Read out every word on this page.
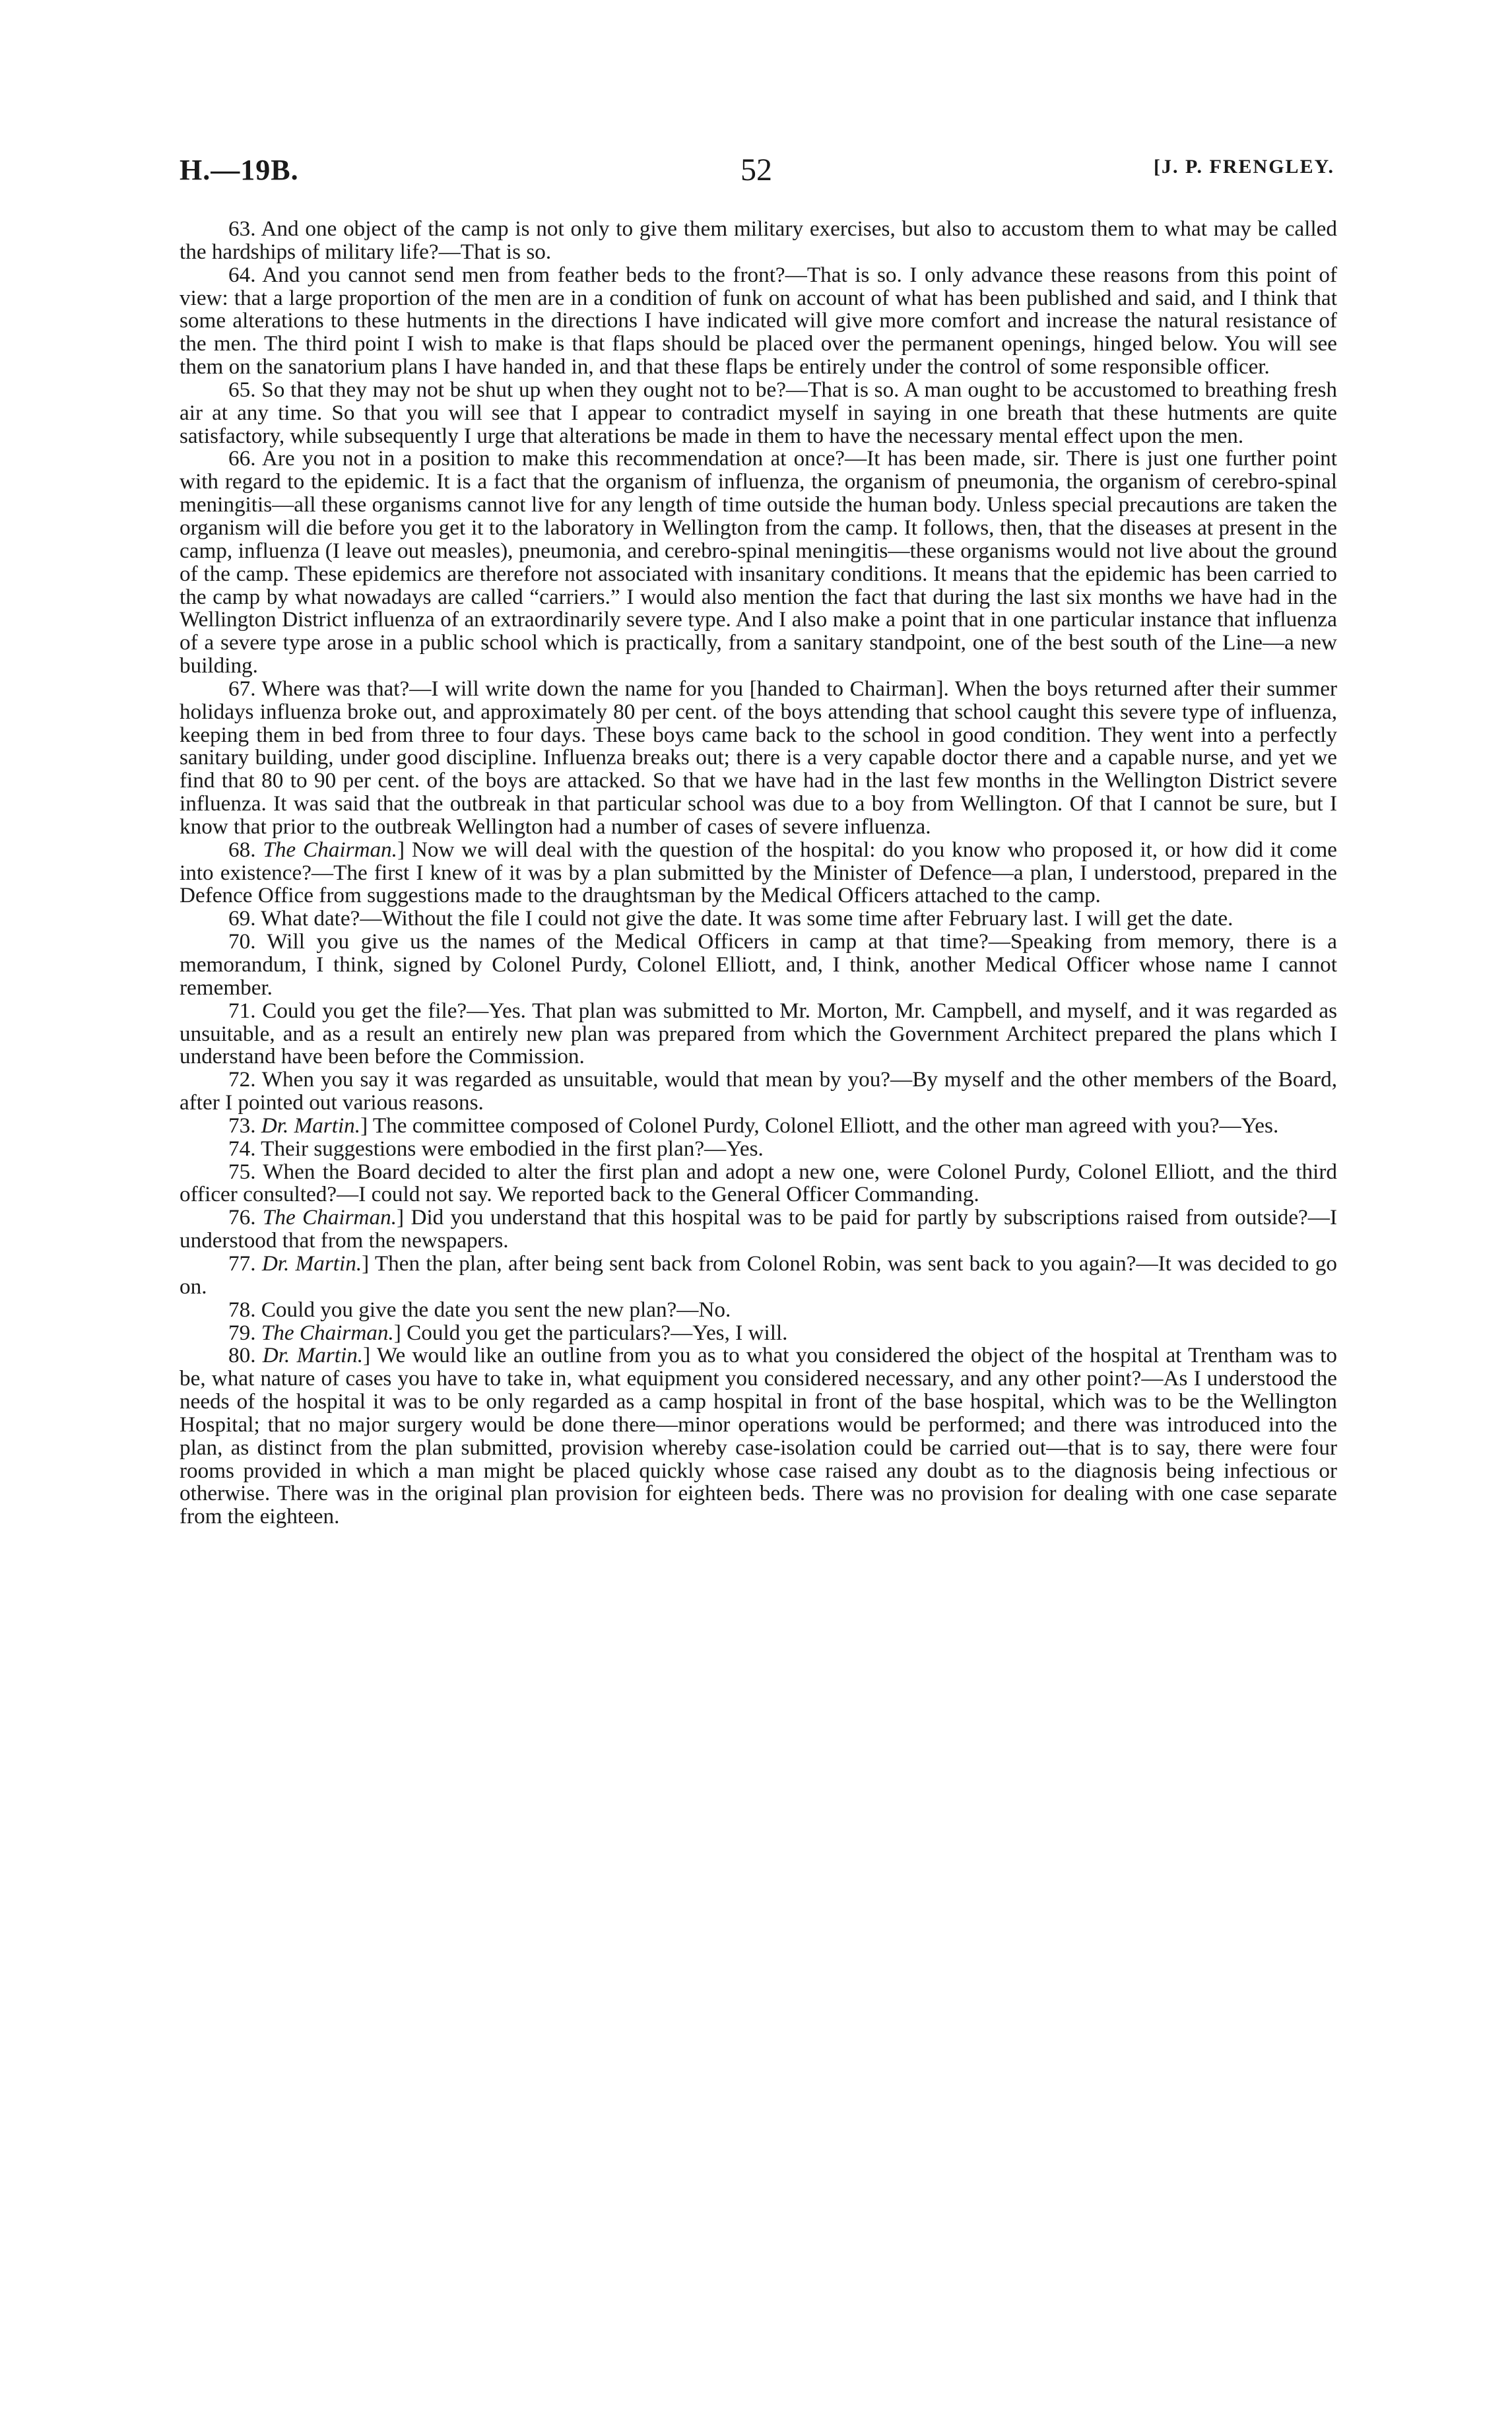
H.—19B.	52	[J. P. FRENGLEY.

63. And one object of the camp is not only to give them military exercises, but also to accustom them to what may be called the hardships of military life?—That is so.

64. And you cannot send men from feather beds to the front?—That is so. I only advance these reasons from this point of view: that a large proportion of the men are in a condition of funk on account of what has been published and said, and I think that some alterations to these hutments in the directions I have indicated will give more comfort and increase the natural resistance of the men. The third point I wish to make is that flaps should be placed over the permanent openings, hinged below. You will see them on the sanatorium plans I have handed in, and that these flaps be entirely under the control of some responsible officer.

65. So that they may not be shut up when they ought not to be?—That is so. A man ought to be accustomed to breathing fresh air at any time. So that you will see that I appear to contradict myself in saying in one breath that these hutments are quite satisfactory, while subsequently I urge that alterations be made in them to have the necessary mental effect upon the men.

66. Are you not in a position to make this recommendation at once?—It has been made, sir. There is just one further point with regard to the epidemic. It is a fact that the organism of influenza, the organism of pneumonia, the organism of cerebro-spinal meningitis—all these organisms cannot live for any length of time outside the human body. Unless special precautions are taken the organism will die before you get it to the laboratory in Wellington from the camp. It follows, then, that the diseases at present in the camp, influenza (I leave out measles), pneumonia, and cerebro-spinal meningitis—these organisms would not live about the ground of the camp. These epidemics are therefore not associated with insanitary conditions. It means that the epidemic has been carried to the camp by what nowadays are called “carriers.” I would also mention the fact that during the last six months we have had in the Wellington District influenza of an extraordinarily severe type. And I also make a point that in one particular instance that influenza of a severe type arose in a public school which is practically, from a sanitary standpoint, one of the best south of the Line—a new building.

67. Where was that?—I will write down the name for you [handed to Chairman]. When the boys returned after their summer holidays influenza broke out, and approximately 80 per cent. of the boys attending that school caught this severe type of influenza, keeping them in bed from three to four days. These boys came back to the school in good condition. They went into a perfectly sanitary building, under good discipline. Influenza breaks out; there is a very capable doctor there and a capable nurse, and yet we find that 80 to 90 per cent. of the boys are attacked. So that we have had in the last few months in the Wellington District severe influenza. It was said that the outbreak in that particular school was due to a boy from Wellington. Of that I cannot be sure, but I know that prior to the outbreak Wellington had a number of cases of severe influenza.

68. The Chairman.] Now we will deal with the question of the hospital: do you know who proposed it, or how did it come into existence?—The first I knew of it was by a plan submitted by the Minister of Defence—a plan, I understood, prepared in the Defence Office from suggestions made to the draughtsman by the Medical Officers attached to the camp.

69. What date?—Without the file I could not give the date. It was some time after February last. I will get the date.

70. Will you give us the names of the Medical Officers in camp at that time?—Speaking from memory, there is a memorandum, I think, signed by Colonel Purdy, Colonel Elliott, and, I think, another Medical Officer whose name I cannot remember.

71. Could you get the file?—Yes. That plan was submitted to Mr. Morton, Mr. Campbell, and myself, and it was regarded as unsuitable, and as a result an entirely new plan was prepared from which the Government Architect prepared the plans which I understand have been before the Commission.

72. When you say it was regarded as unsuitable, would that mean by you?—By myself and the other members of the Board, after I pointed out various reasons.

73. Dr. Martin.] The committee composed of Colonel Purdy, Colonel Elliott, and the other man agreed with you?—Yes.

74. Their suggestions were embodied in the first plan?—Yes.

75. When the Board decided to alter the first plan and adopt a new one, were Colonel Purdy, Colonel Elliott, and the third officer consulted?—I could not say. We reported back to the General Officer Commanding.

76. The Chairman.] Did you understand that this hospital was to be paid for partly by subscriptions raised from outside?—I understood that from the newspapers.

77. Dr. Martin.] Then the plan, after being sent back from Colonel Robin, was sent back to you again?—It was decided to go on.

78. Could you give the date you sent the new plan?—No.

79. The Chairman.] Could you get the particulars?—Yes, I will.

80. Dr. Martin.] We would like an outline from you as to what you considered the object of the hospital at Trentham was to be, what nature of cases you have to take in, what equipment you considered necessary, and any other point?—As I understood the needs of the hospital it was to be only regarded as a camp hospital in front of the base hospital, which was to be the Wellington Hospital; that no major surgery would be done there—minor operations would be performed; and there was introduced into the plan, as distinct from the plan submitted, provision whereby case-isolation could be carried out—that is to say, there were four rooms provided in which a man might be placed quickly whose case raised any doubt as to the diagnosis being infectious or otherwise. There was in the original plan provision for eighteen beds. There was no provision for dealing with one case separate from the eighteen.
